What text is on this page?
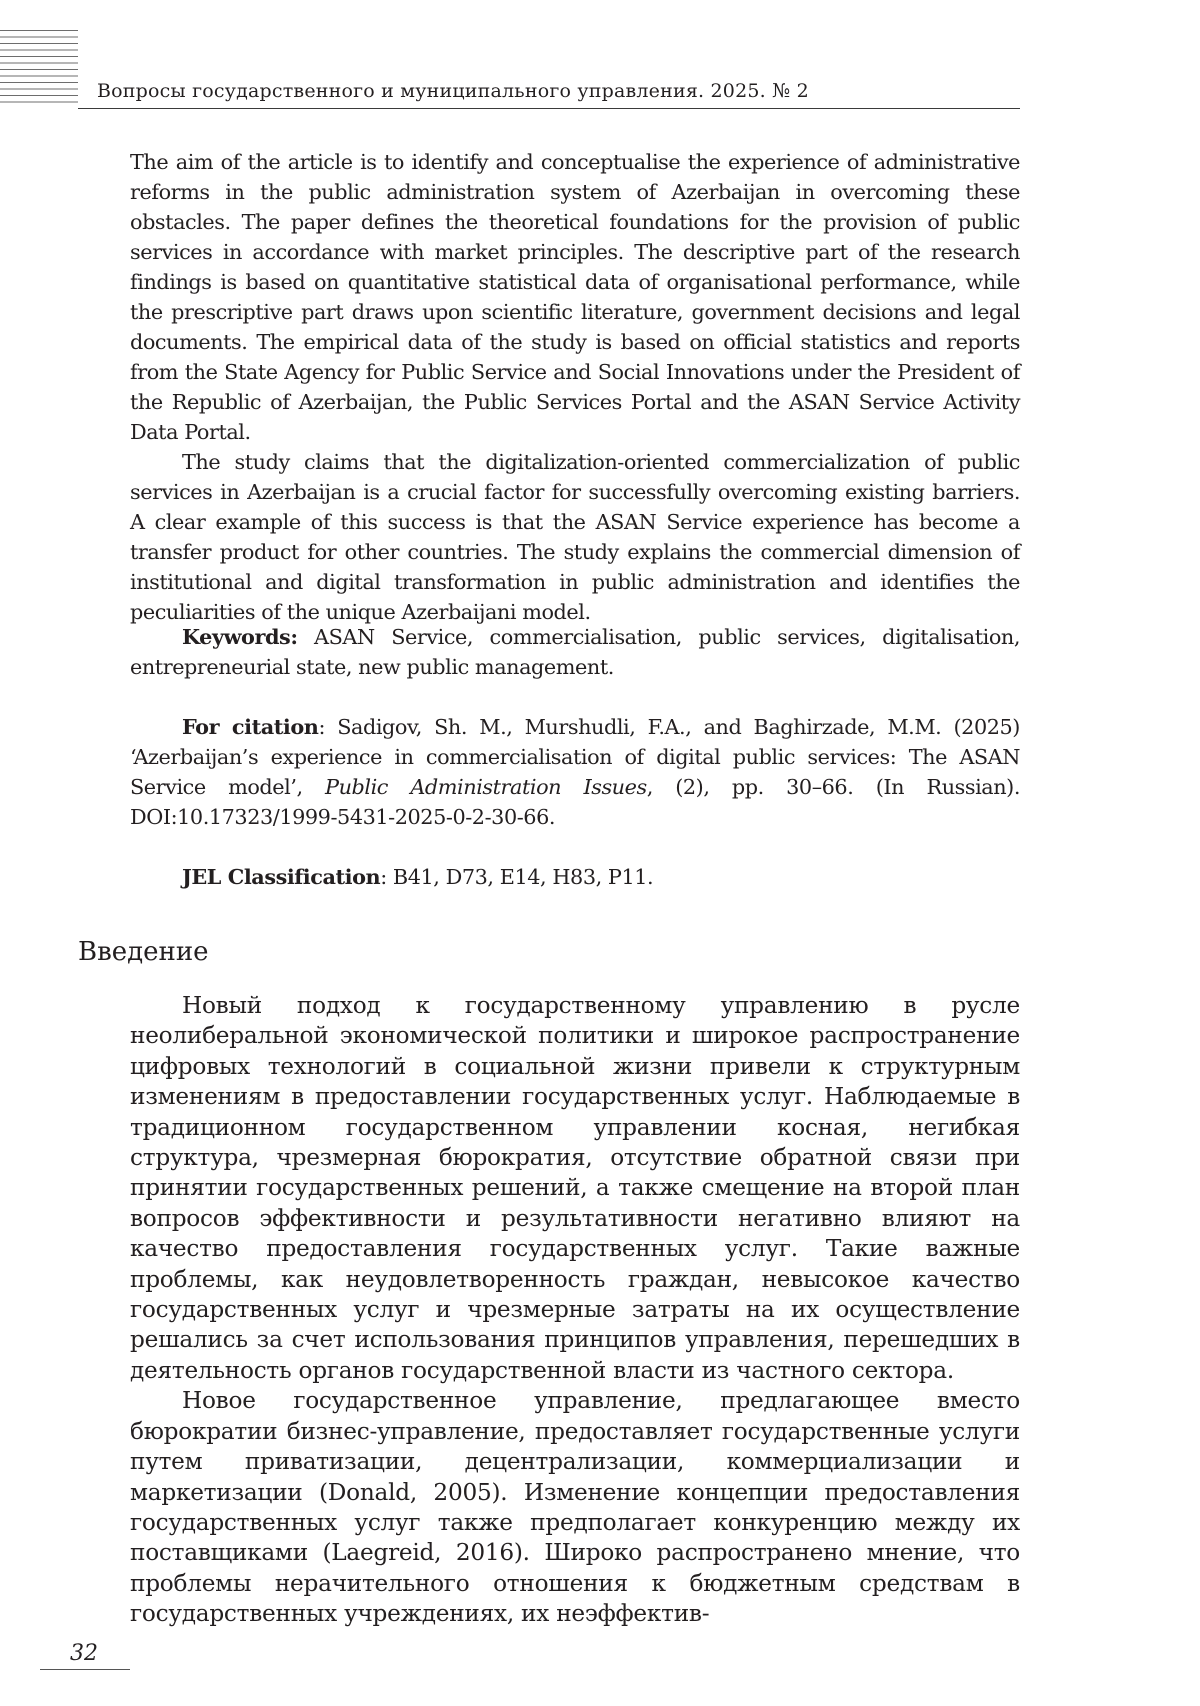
Вопросы государственного и муниципального управления. 2025. № 2

The aim of the article is to identify and conceptualise the experience of administrative reforms in the public administration system of Azerbaijan in overcoming these obstacles. The paper defines the theoretical foundations for the provision of public services in accordance with market principles. The descriptive part of the research findings is based on quantitative statistical data of organisational performance, while the prescriptive part draws upon scientific literature, government decisions and legal documents. The empirical data of the study is based on official statistics and reports from the State Agency for Public Service and Social Innovations under the President of the Republic of Azerbaijan, the Public Services Portal and the ASAN Service Activity Data Portal.

The study claims that the digitalization-oriented commercialization of public services in Azerbaijan is a crucial factor for successfully overcoming existing barriers. A clear example of this success is that the ASAN Service experience has become a transfer product for other countries. The study explains the commercial dimension of institutional and digital transformation in public administration and identifies the peculiarities of the unique Azerbaijani model.

Keywords: ASAN Service, commercialisation, public services, digitalisation, entrepreneurial state, new public management.

For citation: Sadigov, Sh. M., Murshudli, F.A., and Baghirzade, M.M. (2025) ‘Azerbaijan’s experience in commercialisation of digital public services: The ASAN Service model’, Public Administration Issues, (2), pp. 30–66. (In Russian). DOI:10.17323/1999-5431-2025-0-2-30-66.

JEL Classification: B41, D73, E14, H83, P11.

Введение

Новый подход к государственному управлению в русле неолиберальной экономической политики и широкое распространение цифровых технологий в социальной жизни привели к структурным изменениям в предоставлении государственных услуг. Наблюдаемые в традиционном государственном управлении косная, негибкая структура, чрезмерная бюрократия, отсутствие обратной связи при принятии государственных решений, а также смещение на второй план вопросов эффективности и результативности негативно влияют на качество предоставления государственных услуг. Такие важные проблемы, как неудовлетворенность граждан, невысокое качество государственных услуг и чрезмерные затраты на их осуществление решались за счет использования принципов управления, перешедших в деятельность органов государственной власти из частного сектора.

Новое государственное управление, предлагающее вместо бюрократии бизнес-управление, предоставляет государственные услуги путем приватизации, децентрализации, коммерциализации и маркетизации (Donald, 2005). Изменение концепции предоставления государственных услуг также предполагает конкуренцию между их поставщиками (Laegreid, 2016). Широко распространено мнение, что проблемы нерачительного отношения к бюджетным средствам в государственных учреждениях, их неэффектив-

32
